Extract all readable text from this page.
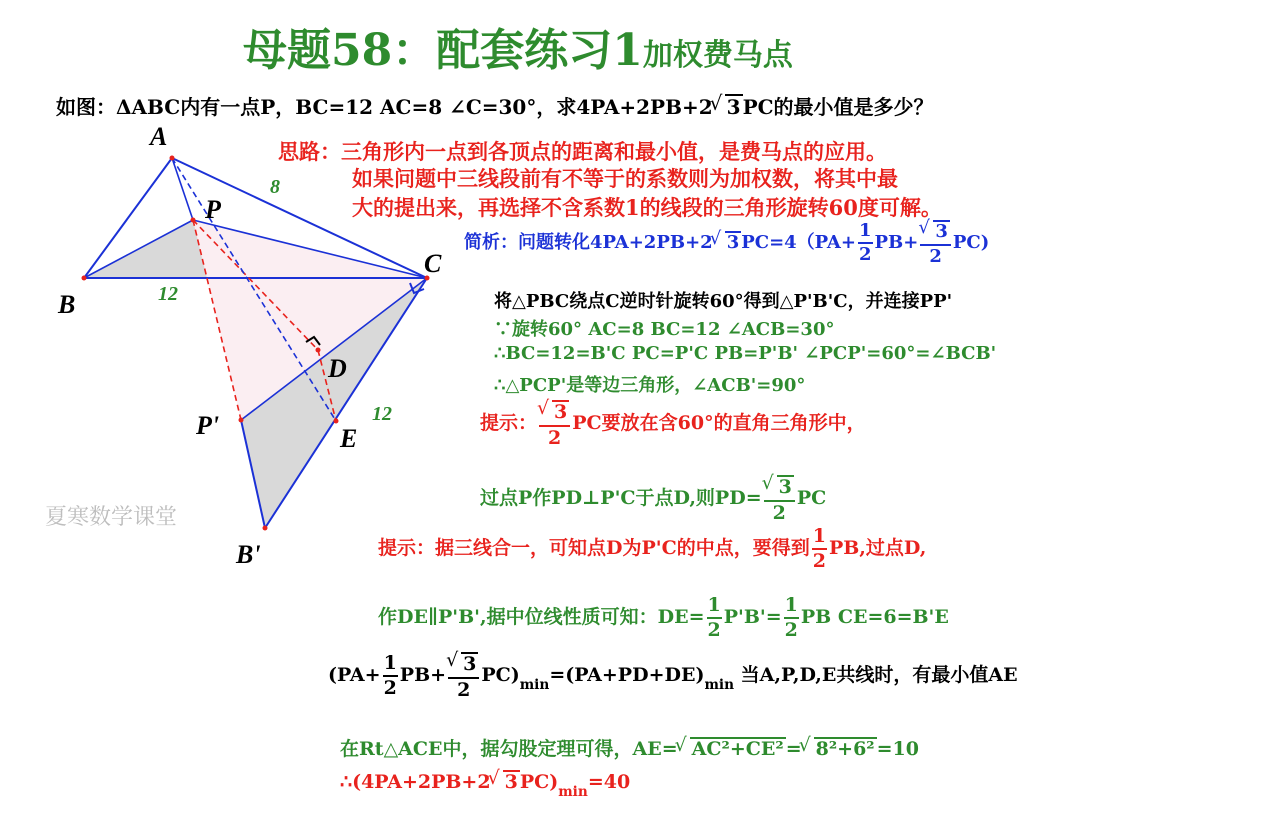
母题58：配套练习1加权费马点
如图：ΔABC内有一点P，BC=12 AC=8 ∠C=30°，求4PA+2PB+2 √ 3 PC的最小值是多少？
A
B
C
P
D
E
P'
B'
8
12
12
夏寒数学课堂
思路：三角形内一点到各顶点的距离和最小值，是费马点的应用。
如果问题中三线段前有不等于的系数则为加权数，将其中最
大的提出来，再选择不含系数1的线段的三角形旋转60度可解。
简析：问题转化4PA+2PB+2 √ 3 $PC=4(PA+ \frac{1}{2} PB+$ √ $\frac{3}{2} PC$)
将△PBC绕点C逆时针旋转60°得到△P'B'C，并连接PP'
∵旋转60° AC=8 BC=12 ∠ACB=30°
∴BC=12=B'C PC=P'C PB=P'B' ∠PCP'=60°=∠BCB'
∴△PCP'是等边三角形，∠ACB'=90°
提示： √ $\frac{3}{2}$ PC要放在含60°的直角三角形中，
过点P作PD⊥P'C于点D,则PD= √ $\frac{3}{2}$ PC
提示：据三线合一，可知点D为P'C的中点，要得到 $\frac{1}{2}$ PB,过点D,
作DE∥P'B',据中位线性质可知：$DE= \frac{1}{2} P'B'= \frac{1}{2}$ PB CE=6=B'E
($PA+ \frac{1}{2} PB+$ √ $\frac{3}{2} PC)_{min}=(PA+PD+DE)_{min}$ 当A,P,D,E共线时，有最小值AE
在Rt△ACE中，据勾股定理可得，AE= √ AC²+CE² = √ 8²+6² =10
∴(4PA+2PB+2 √ 3 $PC)_{min}=40$
